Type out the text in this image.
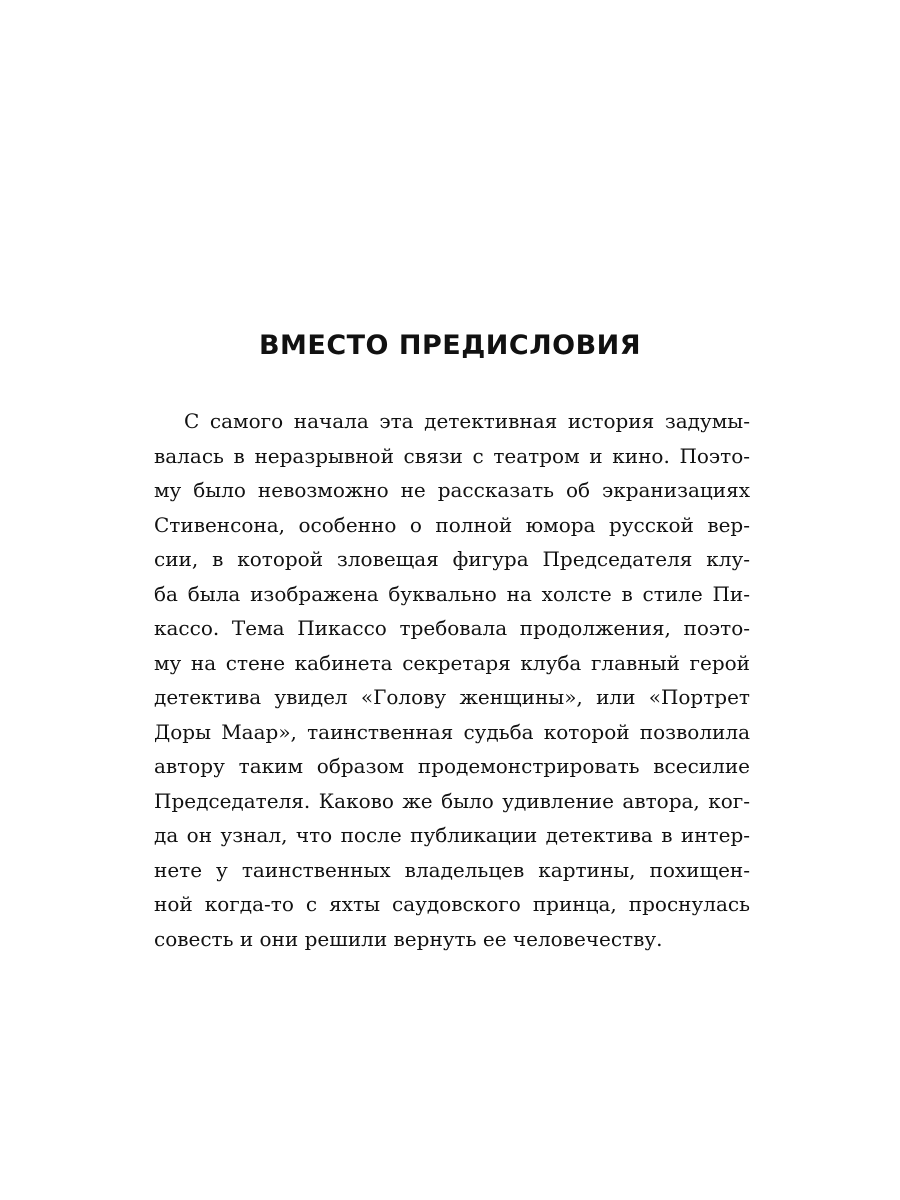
ВМЕСТО ПРЕДИСЛОВИЯ
С самого начала эта детективная история задумы-
валась в неразрывной связи с театром и кино. Поэто-
му было невозможно не рассказать об экранизациях
Стивенсона, особенно о полной юмора русской вер-
сии, в которой зловещая фигура Председателя клу-
ба была изображена буквально на холсте в стиле Пи-
кассо. Тема Пикассо требовала продолжения, поэто-
му на стене кабинета секретаря клуба главный герой
детектива увидел «Голову женщины», или «Портрет
Доры Маар», таинственная судьба которой позволила
автору таким образом продемонстрировать всесилие
Председателя. Каково же было удивление автора, ког-
да он узнал, что после публикации детектива в интер-
нете у таинственных владельцев картины, похищен-
ной когда-то с яхты саудовского принца, проснулась
совесть и они решили вернуть ее человечеству.
